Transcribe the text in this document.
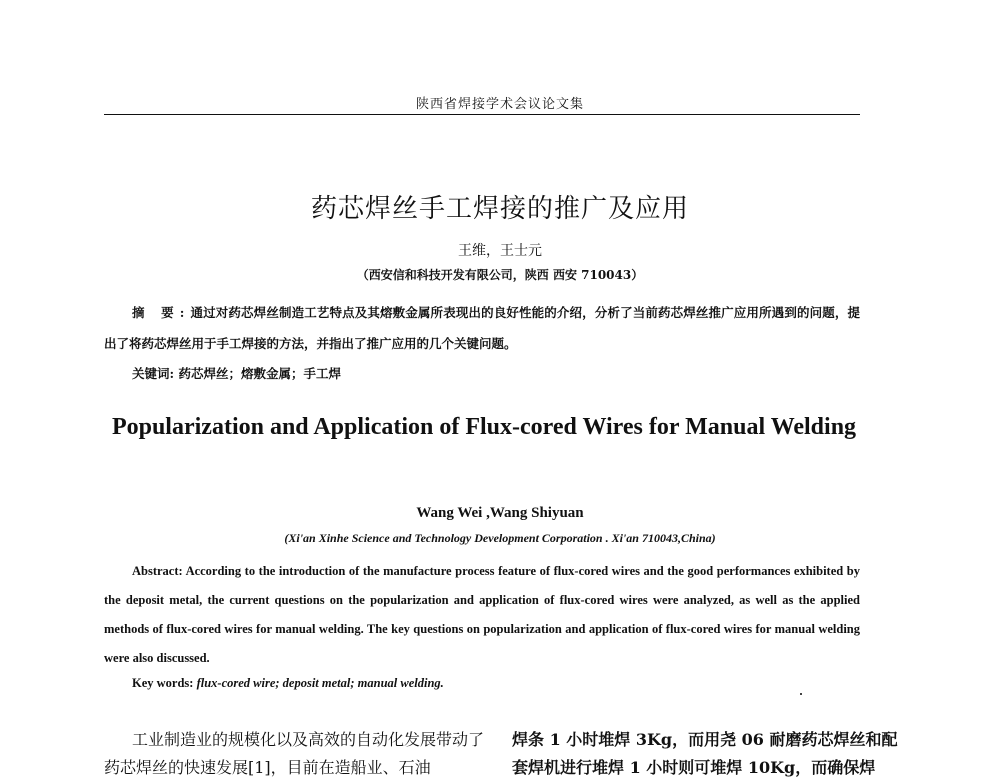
陕西省焊接学术会议论文集
药芯焊丝手工焊接的推广及应用
王维，王士元
（西安信和科技开发有限公司，陕西 西安 710043）
摘 要:通过对药芯焊丝制造工艺特点及其熔敷金属所表现出的良好性能的介绍，分析了当前药芯焊丝推广应用所遇到的问题，提出了将药芯焊丝用于手工焊接的方法，并指出了推广应用的几个关键问题。
关键词: 药芯焊丝；熔敷金属；手工焊
Popularization and Application of Flux-cored Wires for Manual Welding
Wang Wei ,Wang Shiyuan
(Xi'an Xinhe Science and Technology Development Corporation . Xi'an 710043,China)
Abstract: According to the introduction of the manufacture process feature of flux-cored wires and the good performances exhibited by the deposit metal, the current questions on the popularization and application of flux-cored wires were analyzed, as well as the applied methods of flux-cored wires for manual welding. The key questions on popularization and application of flux-cored wires for manual welding were also discussed.
Key words: flux-cored wire; deposit metal; manual welding.
工业制造业的规模化以及高效的自动化发展带动了药芯焊丝的快速发展[1]，目前在造船业、石油
焊条 1 小时堆焊 3Kg，而用尧 06 耐磨药芯焊丝和配套焊机进行堆焊 1 小时则可堆焊 10Kg，而确保焊
